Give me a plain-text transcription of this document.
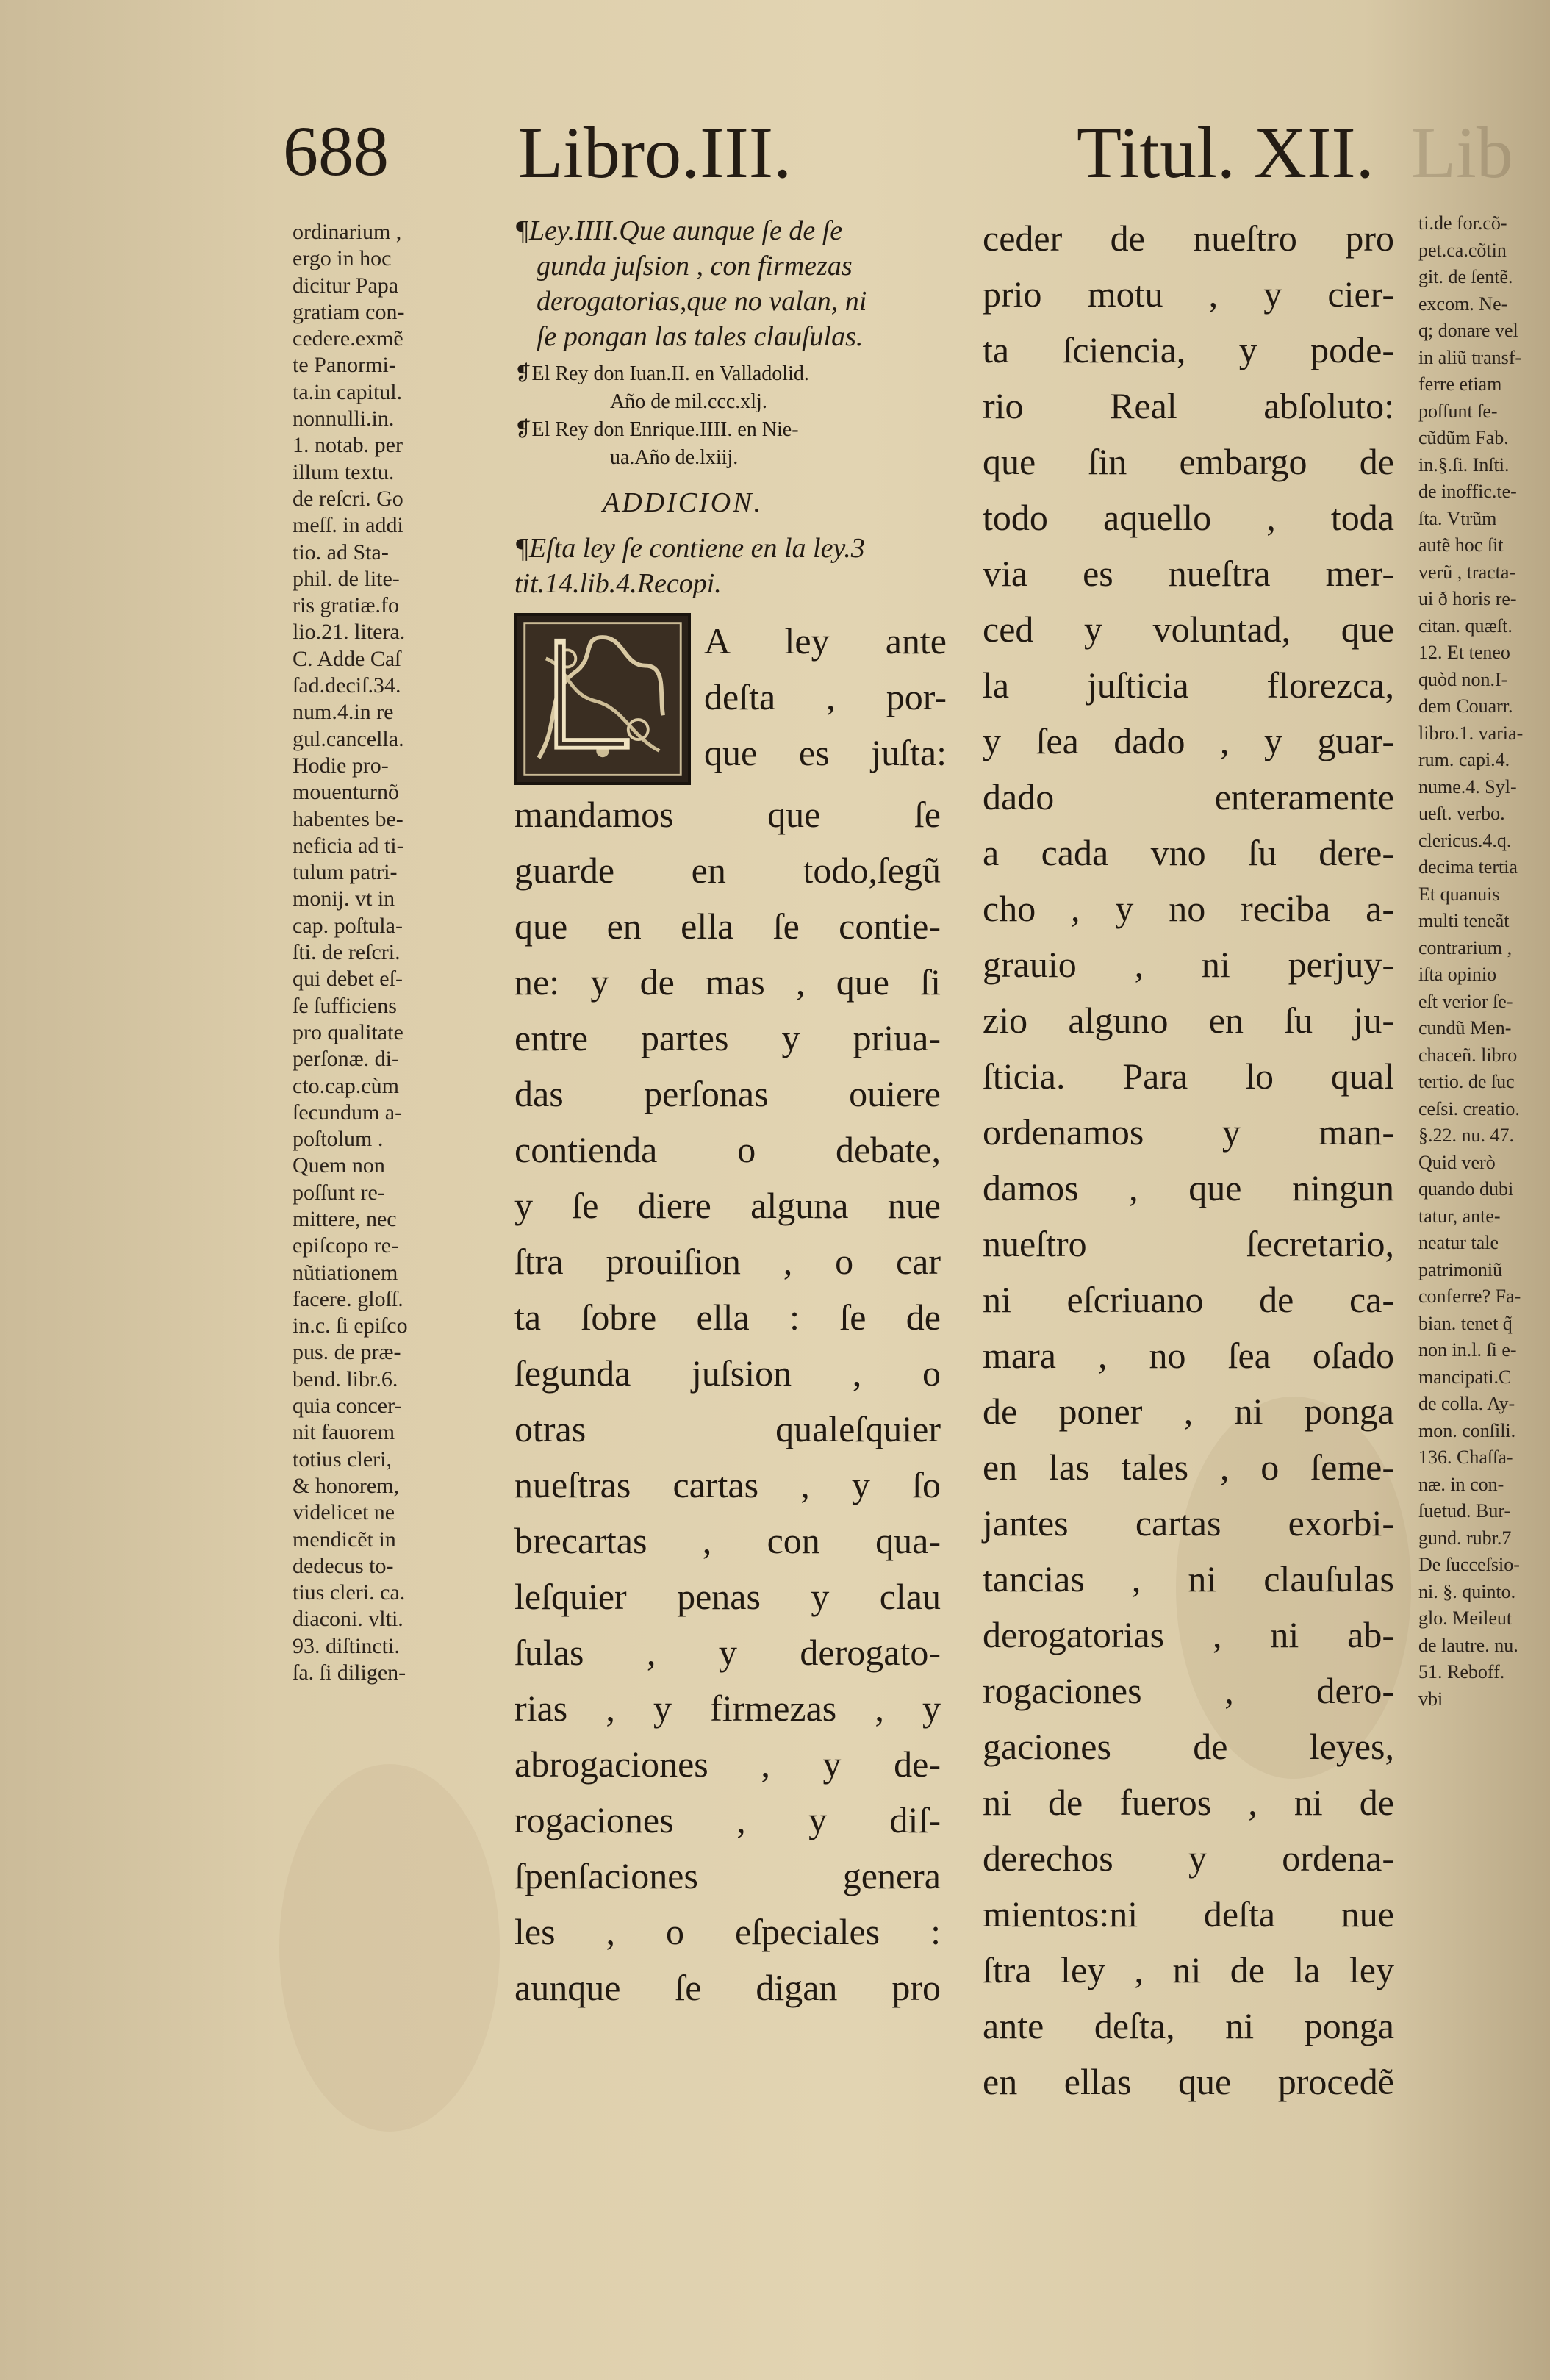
688 Libro.III.	Titul. XII. Lib
ordinarium ,
ergo in hoc
dicitur Papa
gratiam con-
cedere.exmẽ
te Panormi-
ta.in capitul.
nonnulli.in.
1. notab. per
illum textu.
de reſcri. Go
meſſ. in addi
tio. ad Sta-
phil. de lite-
ris gratiæ.fo
lio.21. litera.
C. Adde Caſ
ſad.deciſ.34.
num.4.in re
gul.cancella.
Hodie pro-
mouenturnõ
habentes be-
neficia ad ti-
tulum patri-
monij. vt in
cap. poſtula-
ſti. de reſcri.
qui debet eſ-
ſe ſufficiens
pro qualitate
perſonæ. di-
cto.cap.cùm
ſecundum a-
poſtolum .
Quem non
poſſunt re-
mittere, nec
epiſcopo re-
nũtiationem
facere. gloſſ.
in.c. ſi epiſco
pus. de præ-
bend. libr.6.
quia concer-
nit fauorem
totius cleri,
& honorem,
videlicet ne
mendicẽt in
dedecus to-
tius cleri. ca.
diaconi. vlti.
93. diſtincti.
ſa. ſi diligen-
¶Ley.IIII.Que aunque ſe de ſe
gunda juſsion , con firmezas
derogatorias,que no valan, ni
ſe pongan las tales clauſulas.
❡El Rey don Iuan.II. en Valladolid.
Año de mil.ccc.xlj.
❡El Rey don Enrique.IIII. en Nie-
ua.Año de.lxiij.
ADDICION.
¶Eſta ley ſe contiene en la ley.3
tit.14.lib.4.Recopi.
A ley ante
deſta , por-
que es juſta:
mandamos que ſe
guarde en todo,ſegũ
que en ella ſe contie-
ne: y de mas , que ſi
entre partes y priua-
das perſonas ouiere
contienda o debate,
y ſe diere alguna nue
ſtra prouiſion , o car
ta ſobre ella : ſe de
ſegunda juſsion , o
otras qualeſquier
nueſtras cartas , y ſo
brecartas , con qua-
leſquier penas y clau
ſulas , y derogato-
rias , y firmezas , y
abrogaciones , y de-
rogaciones , y diſ-
ſpenſaciones genera
les , o eſpeciales :
aunque ſe digan pro
ceder de nueſtro pro
prio motu , y cier-
ta ſciencia, y pode-
rio Real abſoluto:
que ſin embargo de
todo aquello , toda
via es nueſtra mer-
ced y voluntad, que
la juſticia florezca,
y ſea dado , y guar-
dado enteramente
a cada vno ſu dere-
cho , y no reciba a-
grauio , ni perjuy-
zio alguno en ſu ju-
ſticia. Para lo qual
ordenamos y man-
damos , que ningun
nueſtro ſecretario,
ni eſcriuano de ca-
mara , no ſea oſado
de poner , ni ponga
en las tales , o ſeme-
jantes cartas exorbi-
tancias , ni clauſulas
derogatorias , ni ab-
rogaciones , dero-
gaciones de leyes,
ni de fueros , ni de
derechos y ordena-
mientos:ni deſta nue
ſtra ley , ni de la ley
ante deſta, ni ponga
en ellas que procedẽ
ti.de for.cõ-
pet.ca.cõtin
git. de ſentẽ.
excom. Ne-
q; donare vel
in aliũ transf-
ferre etiam
poſſunt ſe-
cũdũm Fab.
in.§.ſi. Inſti.
de inoffic.te-
ſta. Vtrũm
autẽ hoc ſit
verũ , tracta-
ui ð horis re-
citan. quæſt.
12. Et teneo
quòd non.I-
dem Couarr.
libro.1. varia-
rum. capi.4.
nume.4. Syl-
ueſt. verbo.
clericus.4.q.
decima tertia
Et quanuis
multi teneãt
contrarium ,
iſta opinio
eſt verior ſe-
cundũ Men-
chaceñ. libro
tertio. de ſuc
ceſsi. creatio.
§.22. nu. 47.
Quid verò
quando dubi
tatur, ante-
neatur tale
patrimoniũ
conferre? Fa-
bian. tenet q̃
non in.l. ſi e-
mancipati.C
de colla. Ay-
mon. conſili.
136. Chaſſa-
næ. in con-
ſuetud. Bur-
gund. rubr.7
De ſucceſsio-
ni. §. quinto.
glo. Meileut
de lautre. nu.
51. Reboff.
vbi
